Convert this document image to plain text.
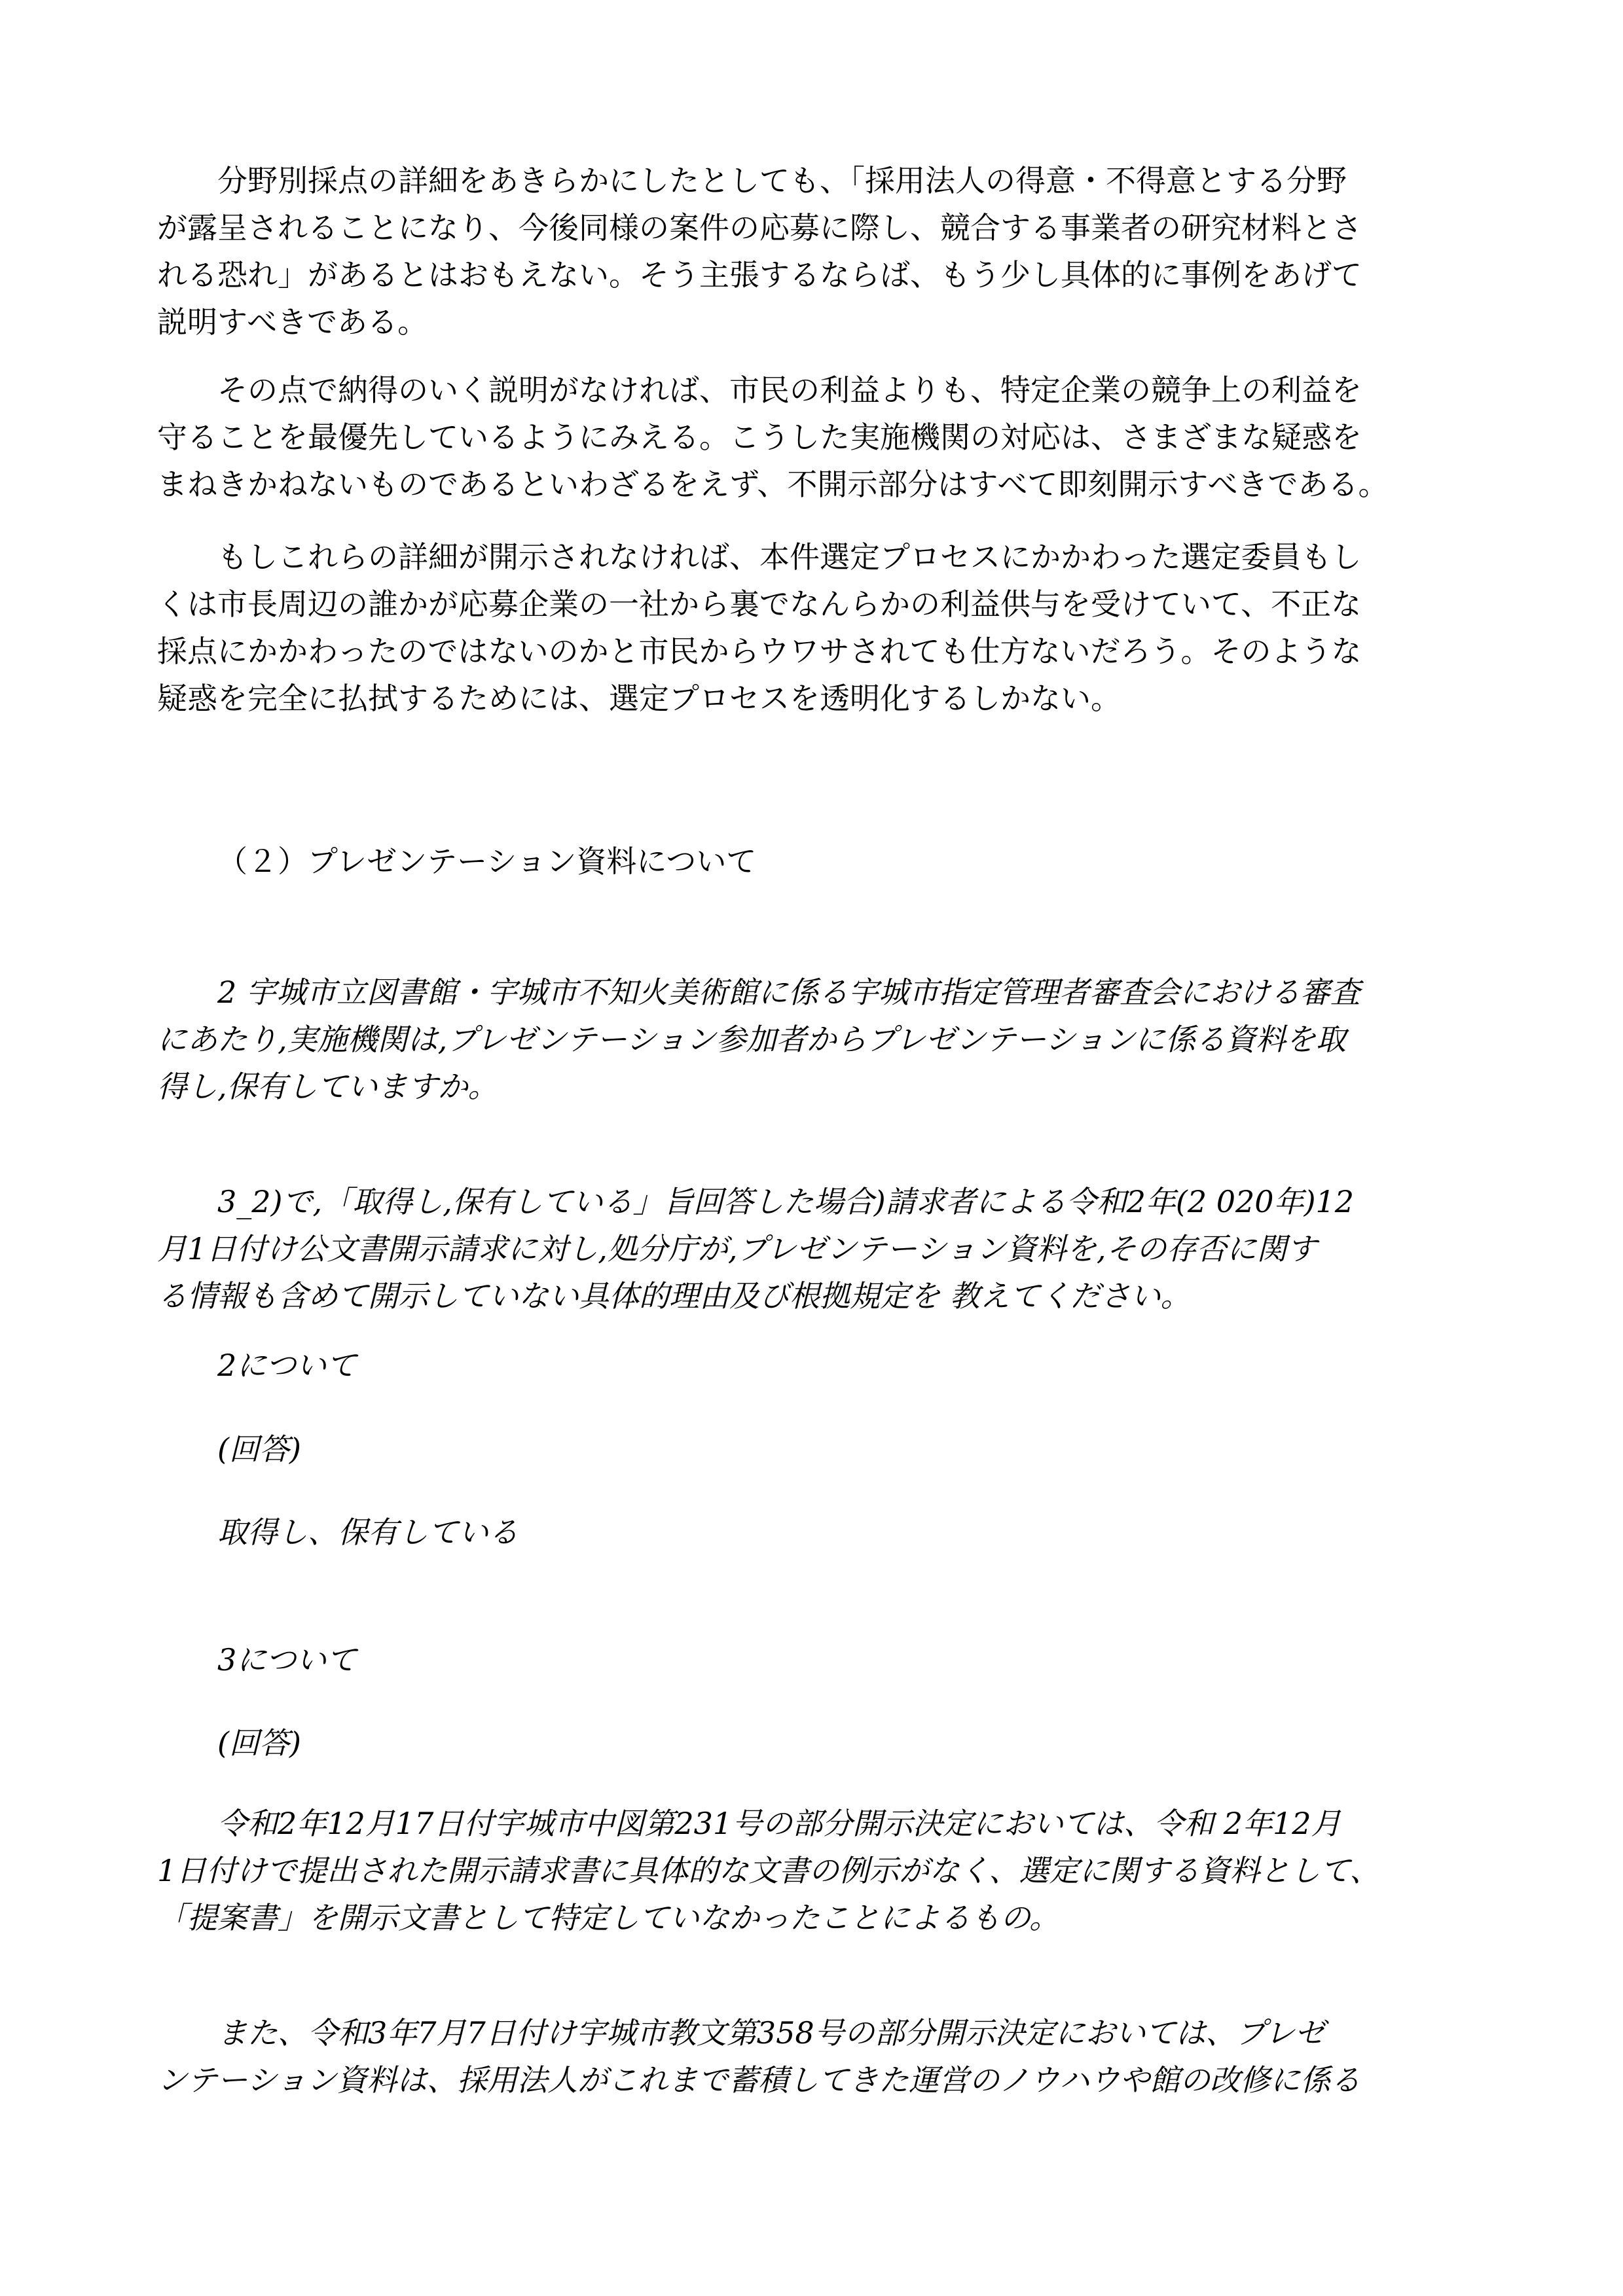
分野別採点の詳細をあきらかにしたとしても、「採用法人の得意・不得意とする分野
が露呈されることになり、今後同様の案件の応募に際し、競合する事業者の研究材料とさ
れる恐れ」があるとはおもえない。そう主張するならば、もう少し具体的に事例をあげて
説明すべきである。

その点で納得のいく説明がなければ、市民の利益よりも、特定企業の競争上の利益を
守ることを最優先しているようにみえる。こうした実施機関の対応は、さまざまな疑惑を
まねきかねないものであるといわざるをえず、不開示部分はすべて即刻開示すべきである。

もしこれらの詳細が開示されなければ、本件選定プロセスにかかわった選定委員もし
くは市長周辺の誰かが応募企業の一社から裏でなんらかの利益供与を受けていて、不正な
採点にかかわったのではないのかと市民からウワサされても仕方ないだろう。そのような
疑惑を完全に払拭するためには、選定プロセスを透明化するしかない。

（２）プレゼンテーション資料について

2 宇城市立図書館・宇城市不知火美術館に係る宇城市指定管理者審査会における審査
にあたり,実施機関は,プレゼンテーション参加者からプレゼンテーションに係る資料を取
得し,保有していますか。

3_2)で,「取得し,保有している」旨回答した場合)請求者による令和2年(2 020年)12
月1日付け公文書開示請求に対し,処分庁が,プレゼンテーション資料を,その存否に関す
る情報も含めて開示していない具体的理由及び根拠規定を 教えてください。

2について

(回答)

取得し、保有している

3について

(回答)

令和2年12月17日付宇城市中図第231号の部分開示決定においては、令和 2年12月
1日付けで提出された開示請求書に具体的な文書の例示がなく、選定に関する資料として、
「提案書」を開示文書として特定していなかったことによるもの。

また、令和3年7月7日付け宇城市教文第358号の部分開示決定においては、プレゼ
ンテーション資料は、採用法人がこれまで蓄積してきた運営のノウハウや館の改修に係る
